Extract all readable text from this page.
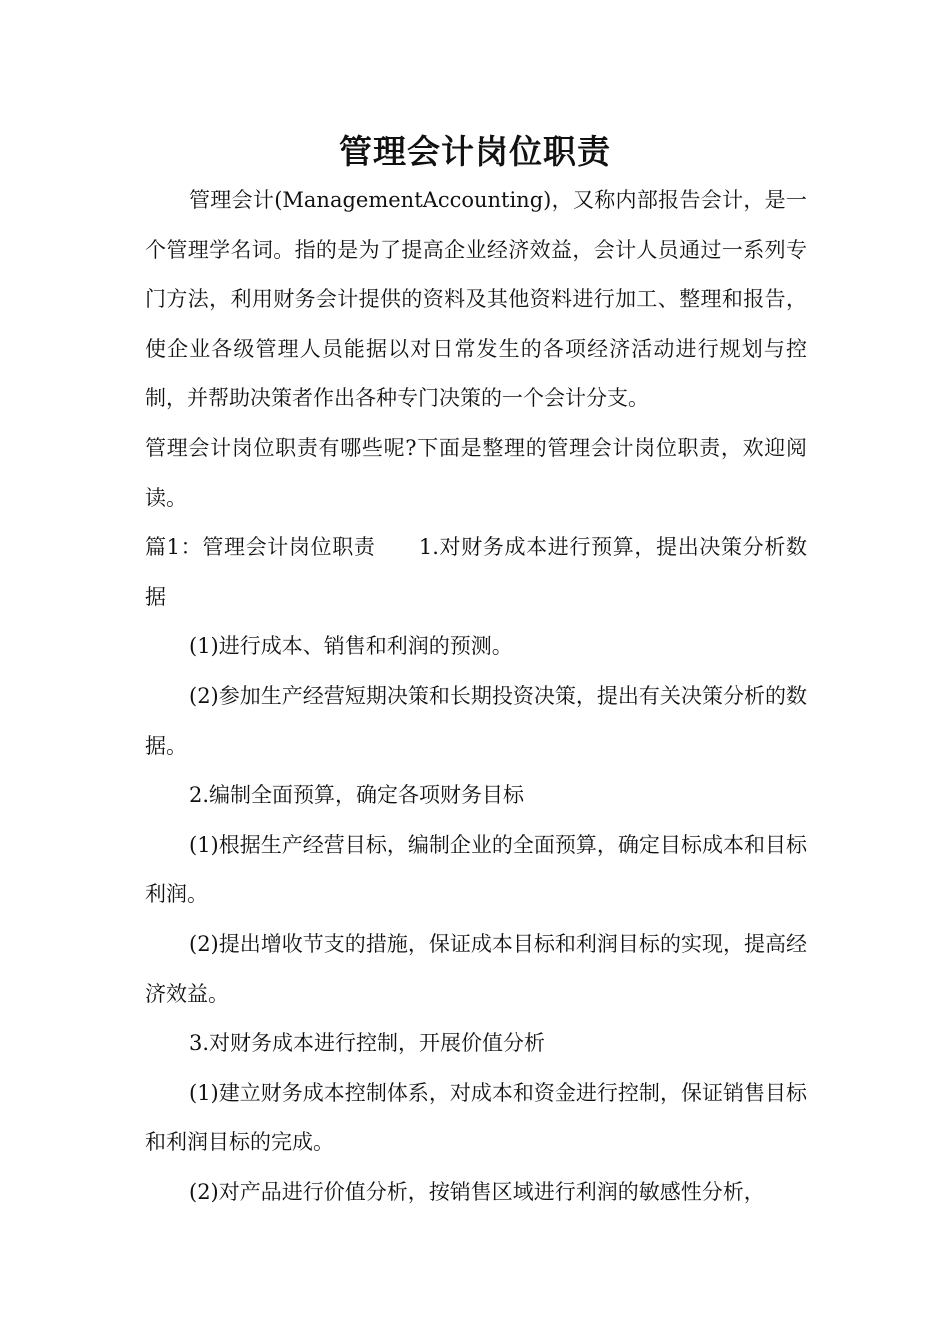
管理会计岗位职责

管理会计(ManagementAccounting)，又称内部报告会计，是一个管理学名词。指的是为了提高企业经济效益，会计人员通过一系列专门方法，利用财务会计提供的资料及其他资料进行加工、整理和报告，使企业各级管理人员能据以对日常发生的各项经济活动进行规划与控制，并帮助决策者作出各种专门决策的一个会计分支。

管理会计岗位职责有哪些呢?下面是整理的管理会计岗位职责，欢迎阅读。

篇1：管理会计岗位职责　　1.对财务成本进行预算，提出决策分析数据

(1)进行成本、销售和利润的预测。

(2)参加生产经营短期决策和长期投资决策，提出有关决策分析的数据。

2.编制全面预算，确定各项财务目标

(1)根据生产经营目标，编制企业的全面预算，确定目标成本和目标利润。

(2)提出增收节支的措施，保证成本目标和利润目标的实现，提高经济效益。

3.对财务成本进行控制，开展价值分析

(1)建立财务成本控制体系，对成本和资金进行控制，保证销售目标和利润目标的完成。

(2)对产品进行价值分析，按销售区域进行利润的敏感性分析，
